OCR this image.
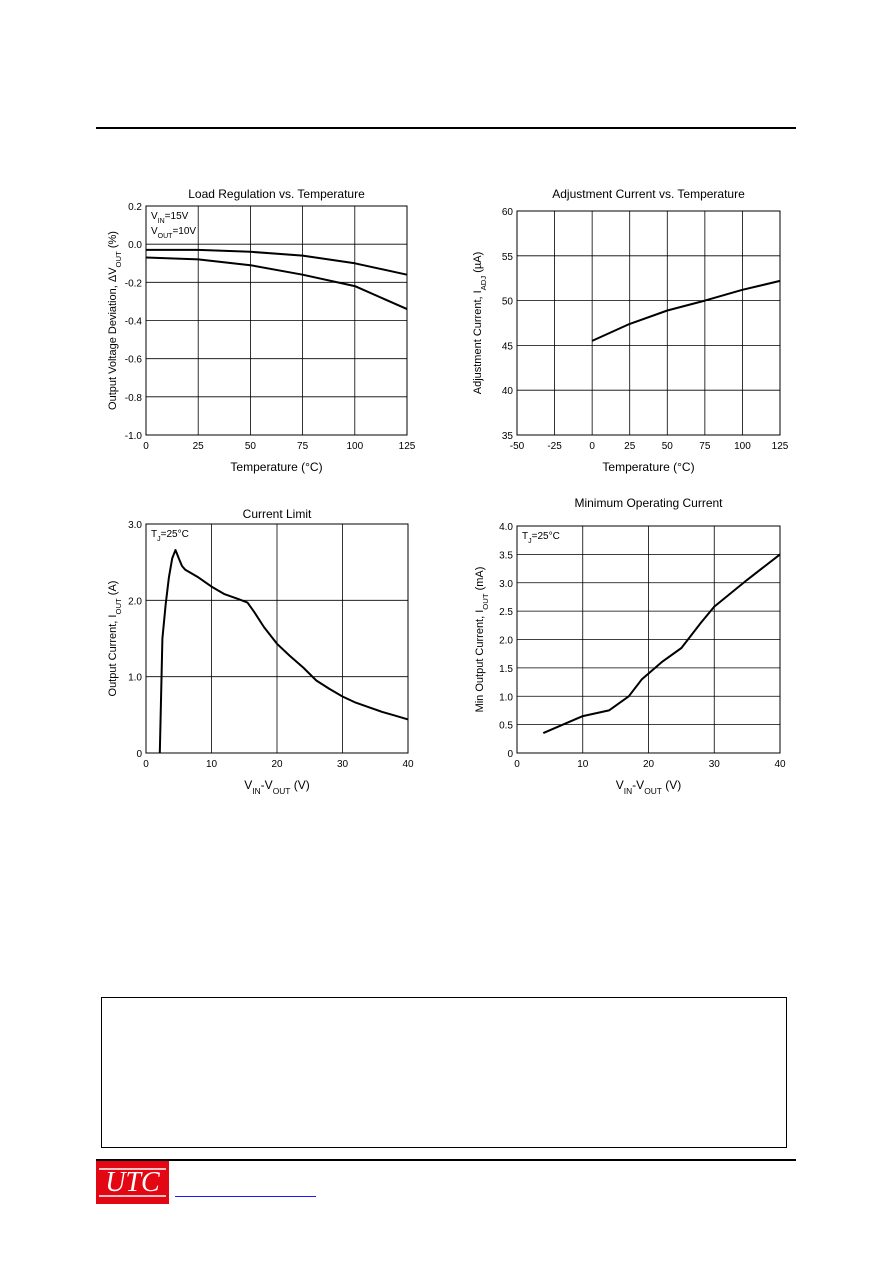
0	25	50	75	100	125
-1.0
-0.8
-0.6
-0.4
-0.2
0.0
0.2
Load Regulation vs. Temperature
Temperature (°C)
Output Voltage Deviation, $\Delta V_{OUT}$ (%)
$V_{IN}=15V$
$V_{OUT}=10V$
-50 -25	0	25	50	75 100 125
35
40
45
50
55
60
Adjustment Current vs. Temperature
Temperature (°C)
Adjustment Current, $I_{ADJ}$ (µA)
0	10	20	30	40
0
1.0
2.0
3.0
Current Limit
$V_{IN}-V_{OUT}$ (V)
Output Current, $I_{OUT}$ (A)
$T_J=25^\circ C$
0	10	20	30	40
0
0.5
1.0
1.5
2.0
2.5
3.0
3.5
4.0
Minimum Operating Current
$V_{IN}-V_{OUT}$ (V)
Min Output Current, $I_{OUT}$ (mA)
$T_J=25^\circ C$
UTC
